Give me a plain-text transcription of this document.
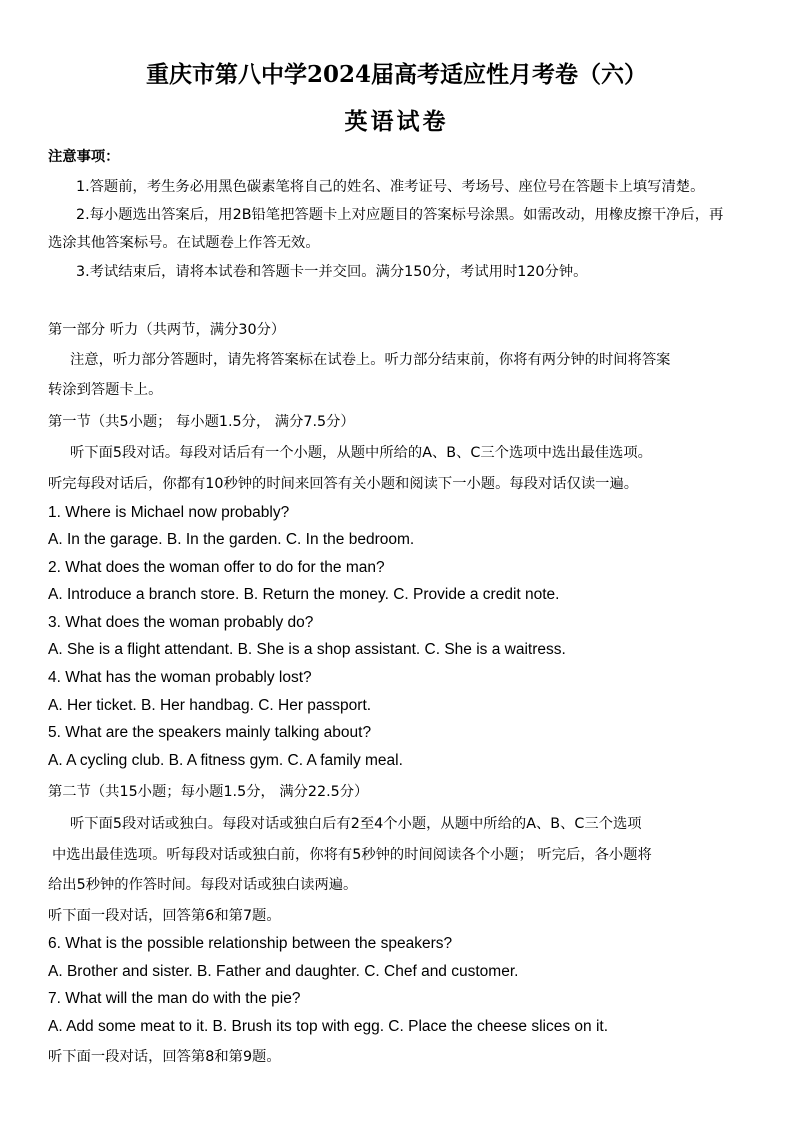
重庆市第八中学2024届高考适应性月考卷（六）
英语试卷
注意事项：
1.答题前，考生务必用黑色碳素笔将自己的姓名、准考证号、考场号、座位号在答题卡上填写清楚。
2.每小题选出答案后，用2B铅笔把答题卡上对应题目的答案标号涂黑。如需改动，用橡皮擦干净后，再
选涂其他答案标号。在试题卷上作答无效。
3.考试结束后，请将本试卷和答题卡一并交回。满分150分，考试用时120分钟。
第一部分 听力（共两节，满分30分）
注意，听力部分答题时，请先将答案标在试卷上。听力部分结束前，你将有两分钟的时间将答案
转涂到答题卡上。
第一节（共5小题； 每小题1.5分， 满分7.5分）
听下面5段对话。每段对话后有一个小题，从题中所给的A、B、C三个选项中选出最佳选项。
听完每段对话后，你都有10秒钟的时间来回答有关小题和阅读下一小题。每段对话仅读一遍。
1. Where is Michael now probably?
A. In the garage. B. In the garden. C. In the bedroom.
2. What does the woman offer to do for the man?
A. Introduce a branch store. B. Return the money. C. Provide a credit note.
3. What does the woman probably do?
A. She is a flight attendant. B. She is a shop assistant. C. She is a waitress.
4. What has the woman probably lost?
A. Her ticket. B. Her handbag. C. Her passport.
5. What are the speakers mainly talking about?
A. A cycling club. B. A fitness gym. C. A family meal.
第二节（共15小题；每小题1.5分， 满分22.5分）
听下面5段对话或独白。每段对话或独白后有2至4个小题，从题中所给的A、B、C三个选项
中选出最佳选项。听每段对话或独白前，你将有5秒钟的时间阅读各个小题； 听完后，各小题将
给出5秒钟的作答时间。每段对话或独白读两遍。
听下面一段对话，回答第6和第7题。
6. What is the possible relationship between the speakers?
A. Brother and sister. B. Father and daughter. C. Chef and customer.
7. What will the man do with the pie?
A. Add some meat to it. B. Brush its top with egg. C. Place the cheese slices on it.
听下面一段对话，回答第8和第9题。
